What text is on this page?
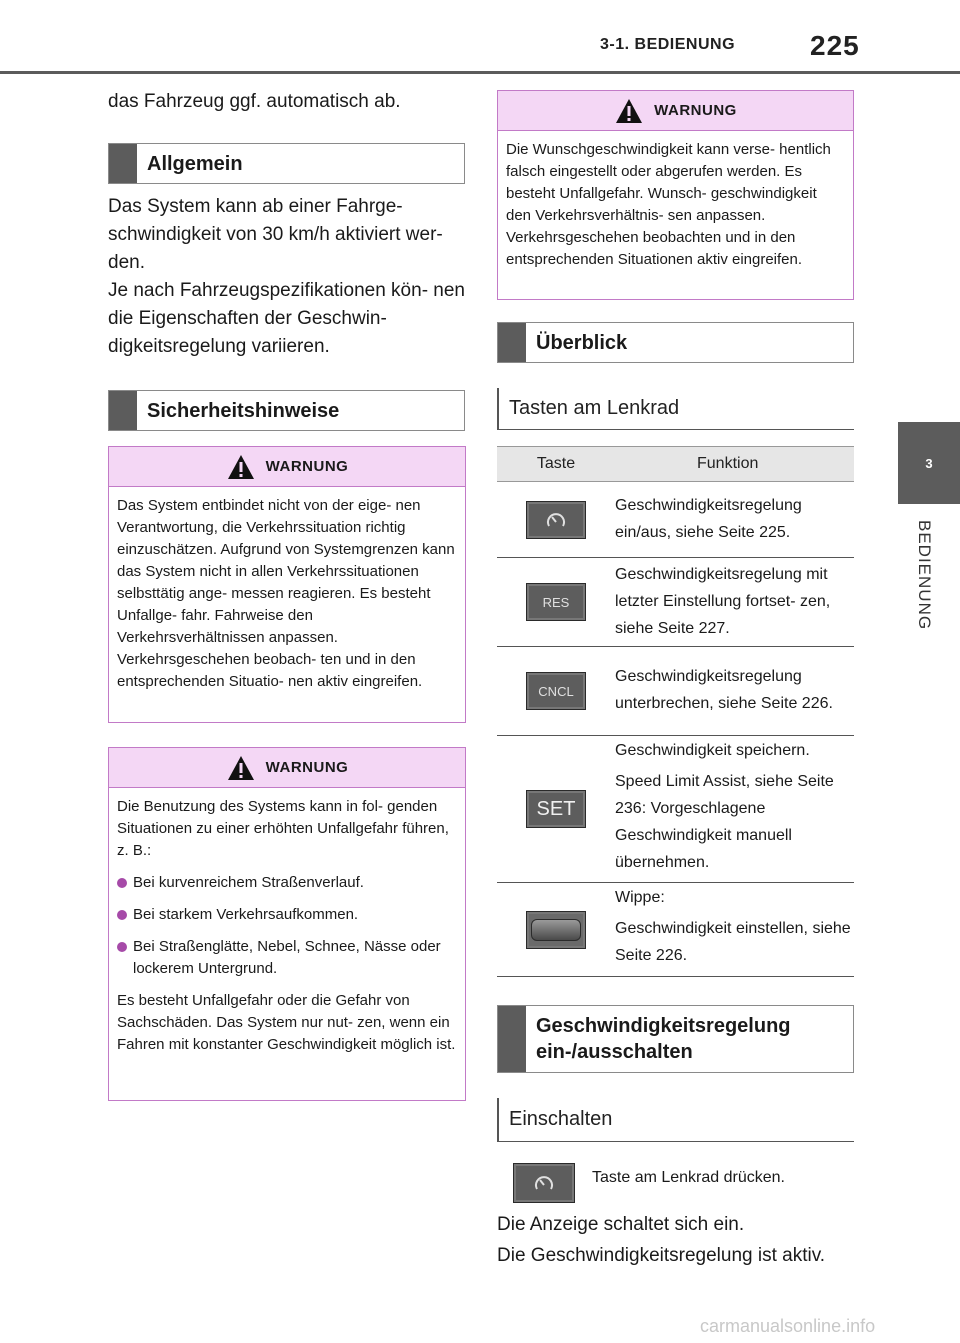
3-1. BEDIENUNG	225
3
BEDIENUNG
das Fahrzeug ggf. automatisch ab.
Allgemein
Das System kann ab einer Fahrge- schwindigkeit von 30 km/h aktiviert wer- den.
Je nach Fahrzeugspezifikationen kön- nen die Eigenschaften der Geschwin- digkeitsregelung variieren.
Sicherheitshinweise
WARNUNG
Das System entbindet nicht von der eige- nen Verantwortung, die Verkehrssituation richtig einzuschätzen. Aufgrund von Systemgrenzen kann das System nicht in allen Verkehrssituationen selbsttätig ange- messen reagieren. Es besteht Unfallge- fahr. Fahrweise den Verkehrsverhältnissen anpassen. Verkehrsgeschehen beobach- ten und in den entsprechenden Situatio- nen aktiv eingreifen.
WARNUNG

Die Benutzung des Systems kann in fol- genden Situationen zu einer erhöhten Unfallgefahr führen, z. B.:

Bei kurvenreichem Straßenverlauf.
Bei starkem Verkehrsaufkommen.
Bei Straßenglätte, Nebel, Schnee, Nässe oder lockerem Untergrund.

Es besteht Unfallgefahr oder die Gefahr von Sachschäden. Das System nur nut- zen, wenn ein Fahren mit konstanter Geschwindigkeit möglich ist.

WARNUNG
Die Wunschgeschwindigkeit kann verse- hentlich falsch eingestellt oder abgerufen werden. Es besteht Unfallgefahr. Wunsch- geschwindigkeit den Verkehrsverhältnis- sen anpassen. Verkehrsgeschehen beobachten und in den entsprechenden Situationen aktiv eingreifen.
Überblick
Tasten am Lenkrad
Taste	Funktion
Geschwindigkeitsregelung ein/aus, siehe Seite 225.
RES
Geschwindigkeitsregelung mit letzter Einstellung fortset- zen, siehe Seite 227.
CNCL
Geschwindigkeitsregelung unterbrechen, siehe Seite 226.
SET

Geschwindigkeit speichern.

Speed Limit Assist, siehe Seite 236: Vorgeschlagene Geschwindigkeit manuell übernehmen.

Wippe:

Geschwindigkeit einstellen, siehe Seite 226.

Geschwindigkeitsregelung ein-/ausschalten
Einschalten
Taste am Lenkrad drücken.
Die Anzeige schaltet sich ein.
Die Geschwindigkeitsregelung ist aktiv.
carmanualsonline.info
